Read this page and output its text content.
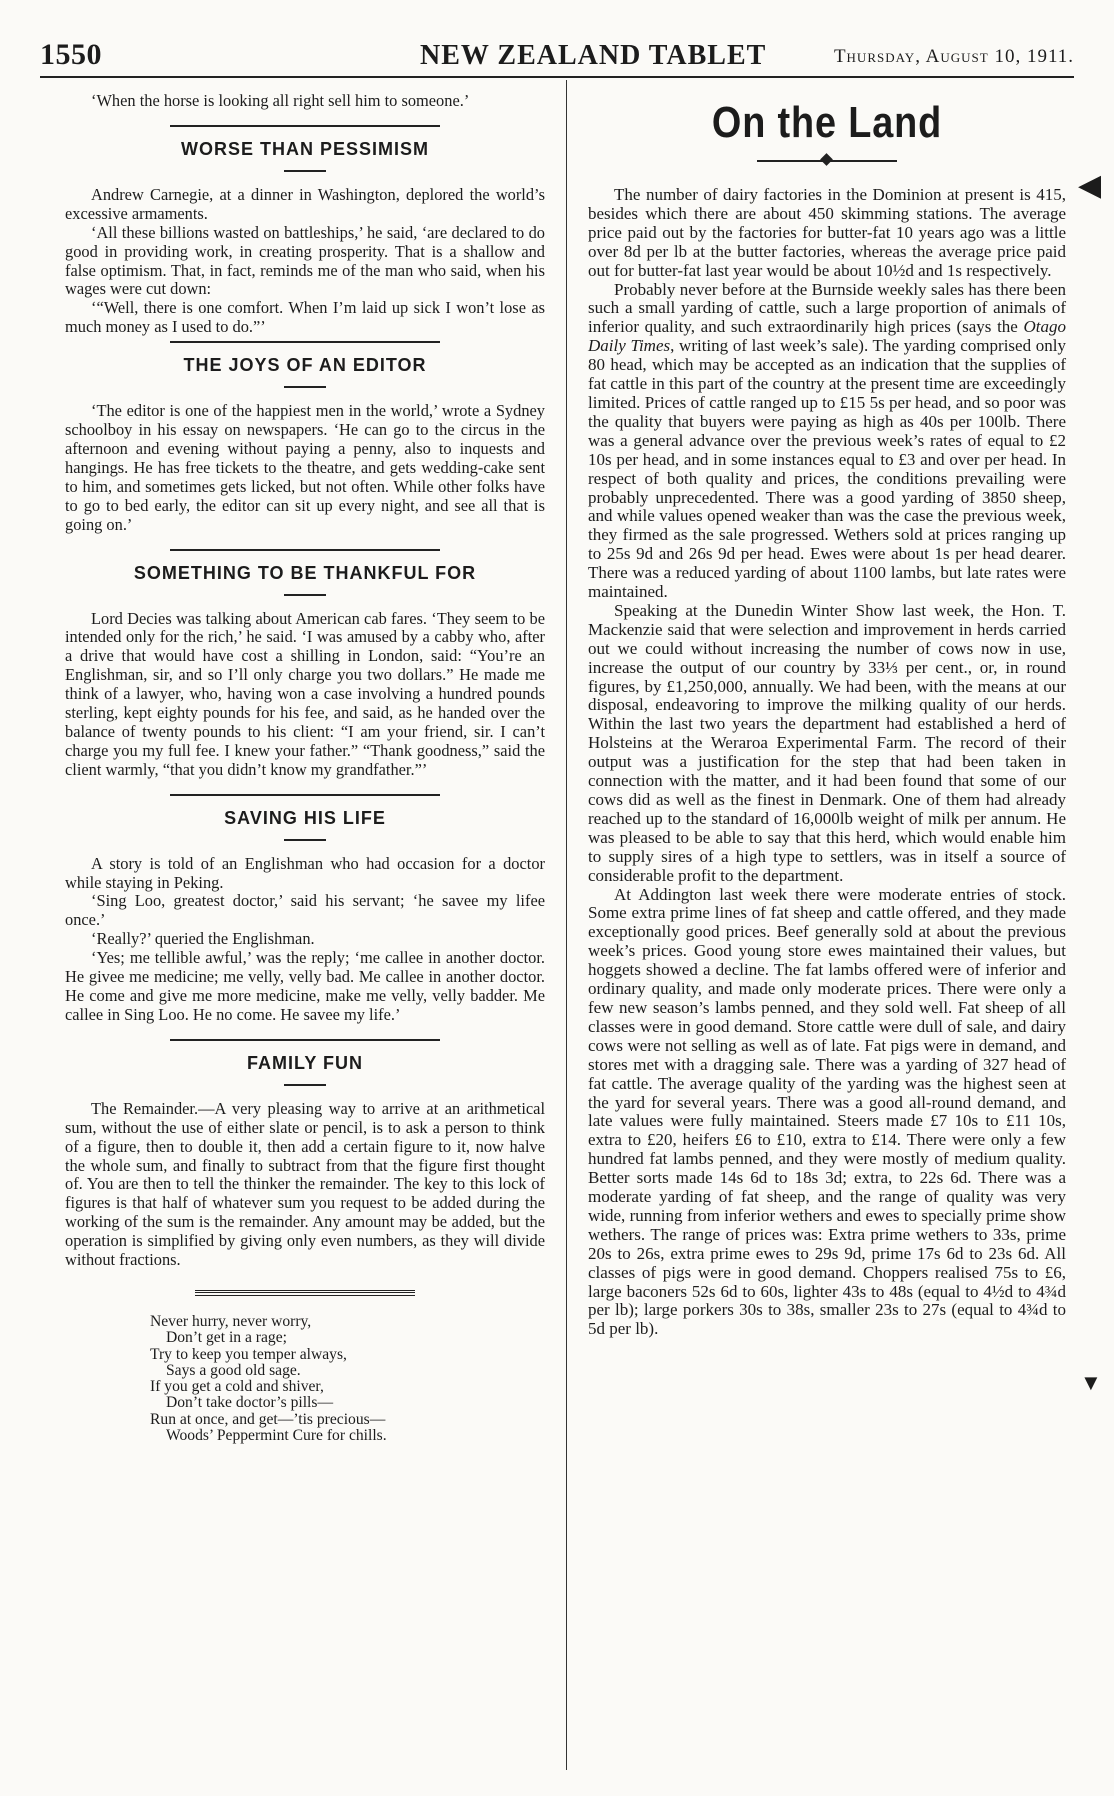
1550	NEW ZEALAND TABLET	Thursday, August 10, 1911.

‘When the horse is looking all right sell him to someone.’

WORSE THAN PESSIMISM

Andrew Carnegie, at a dinner in Washington, deplored the world’s excessive armaments.

‘All these billions wasted on battleships,’ he said, ‘are declared to do good in providing work, in creating prosperity. That is a shallow and false optimism. That, in fact, reminds me of the man who said, when his wages were cut down:

‘“Well, there is one comfort. When I’m laid up sick I won’t lose as much money as I used to do.”’

THE JOYS OF AN EDITOR

‘The editor is one of the happiest men in the world,’ wrote a Sydney schoolboy in his essay on newspapers. ‘He can go to the circus in the afternoon and evening without paying a penny, also to inquests and hangings. He has free tickets to the theatre, and gets wedding-cake sent to him, and sometimes gets licked, but not often. While other folks have to go to bed early, the editor can sit up every night, and see all that is going on.’

SOMETHING TO BE THANKFUL FOR

Lord Decies was talking about American cab fares. ‘They seem to be intended only for the rich,’ he said. ‘I was amused by a cabby who, after a drive that would have cost a shilling in London, said: “You’re an Englishman, sir, and so I’ll only charge you two dollars.” He made me think of a lawyer, who, having won a case involving a hundred pounds sterling, kept eighty pounds for his fee, and said, as he handed over the balance of twenty pounds to his client: “I am your friend, sir. I can’t charge you my full fee. I knew your father.” “Thank goodness,” said the client warmly, “that you didn’t know my grandfather.”’

SAVING HIS LIFE

A story is told of an Englishman who had occasion for a doctor while staying in Peking.

‘Sing Loo, greatest doctor,’ said his servant; ‘he savee my lifee once.’

‘Really?’ queried the Englishman.

‘Yes; me tellible awful,’ was the reply; ‘me callee in another doctor. He givee me medicine; me velly, velly bad. Me callee in another doctor. He come and give me more medicine, make me velly, velly badder. Me callee in Sing Loo. He no come. He savee my life.’

FAMILY FUN

The Remainder.—A very pleasing way to arrive at an arithmetical sum, without the use of either slate or pencil, is to ask a person to think of a figure, then to double it, then add a certain figure to it, now halve the whole sum, and finally to subtract from that the figure first thought of. You are then to tell the thinker the remainder. The key to this lock of figures is that half of whatever sum you request to be added during the working of the sum is the remainder. Any amount may be added, but the operation is simplified by giving only even numbers, as they will divide without fractions.

Never hurry, never worry,
Don’t get in a rage;
Try to keep you temper always,
Says a good old sage.
If you get a cold and shiver,
Don’t take doctor’s pills—
Run at once, and get—’tis precious—
Woods’ Peppermint Cure for chills.
On the Land

The number of dairy factories in the Dominion at present is 415, besides which there are about 450 skimming stations. The average price paid out by the factories for butter-fat 10 years ago was a little over 8d per lb at the butter factories, whereas the average price paid out for butter-fat last year would be about 10½d and 1s respectively.

Probably never before at the Burnside weekly sales has there been such a small yarding of cattle, such a large proportion of animals of inferior quality, and such extraordinarily high prices (says the Otago Daily Times, writing of last week’s sale). The yarding comprised only 80 head, which may be accepted as an indication that the supplies of fat cattle in this part of the country at the present time are exceedingly limited. Prices of cattle ranged up to £15 5s per head, and so poor was the quality that buyers were paying as high as 40s per 100lb. There was a general advance over the previous week’s rates of equal to £2 10s per head, and in some instances equal to £3 and over per head. In respect of both quality and prices, the conditions prevailing were probably unprecedented. There was a good yarding of 3850 sheep, and while values opened weaker than was the case the previous week, they firmed as the sale progressed. Wethers sold at prices ranging up to 25s 9d and 26s 9d per head. Ewes were about 1s per head dearer. There was a reduced yarding of about 1100 lambs, but late rates were maintained.

Speaking at the Dunedin Winter Show last week, the Hon. T. Mackenzie said that were selection and improvement in herds carried out we could without increasing the number of cows now in use, increase the output of our country by 33⅓ per cent., or, in round figures, by £1,250,000, annually. We had been, with the means at our disposal, endeavoring to improve the milking quality of our herds. Within the last two years the department had established a herd of Holsteins at the Weraroa Experimental Farm. The record of their output was a justification for the step that had been taken in connection with the matter, and it had been found that some of our cows did as well as the finest in Denmark. One of them had already reached up to the standard of 16,000lb weight of milk per annum. He was pleased to be able to say that this herd, which would enable him to supply sires of a high type to settlers, was in itself a source of considerable profit to the department.

At Addington last week there were moderate entries of stock. Some extra prime lines of fat sheep and cattle offered, and they made exceptionally good prices. Beef generally sold at about the previous week’s prices. Good young store ewes maintained their values, but hoggets showed a decline. The fat lambs offered were of inferior and ordinary quality, and made only moderate prices. There were only a few new season’s lambs penned, and they sold well. Fat sheep of all classes were in good demand. Store cattle were dull of sale, and dairy cows were not selling as well as of late. Fat pigs were in demand, and stores met with a dragging sale. There was a yarding of 327 head of fat cattle. The average quality of the yarding was the highest seen at the yard for several years. There was a good all-round demand, and late values were fully maintained. Steers made £7 10s to £11 10s, extra to £20, heifers £6 to £10, extra to £14. There were only a few hundred fat lambs penned, and they were mostly of medium quality. Better sorts made 14s 6d to 18s 3d; extra, to 22s 6d. There was a moderate yarding of fat sheep, and the range of quality was very wide, running from inferior wethers and ewes to specially prime show wethers. The range of prices was: Extra prime wethers to 33s, prime 20s to 26s, extra prime ewes to 29s 9d, prime 17s 6d to 23s 6d. All classes of pigs were in good demand. Choppers realised 75s to £6, large baconers 52s 6d to 60s, lighter 43s to 48s (equal to 4½d to 4¾d per lb); large porkers 30s to 38s, smaller 23s to 27s (equal to 4¾d to 5d per lb).

◀
▼
